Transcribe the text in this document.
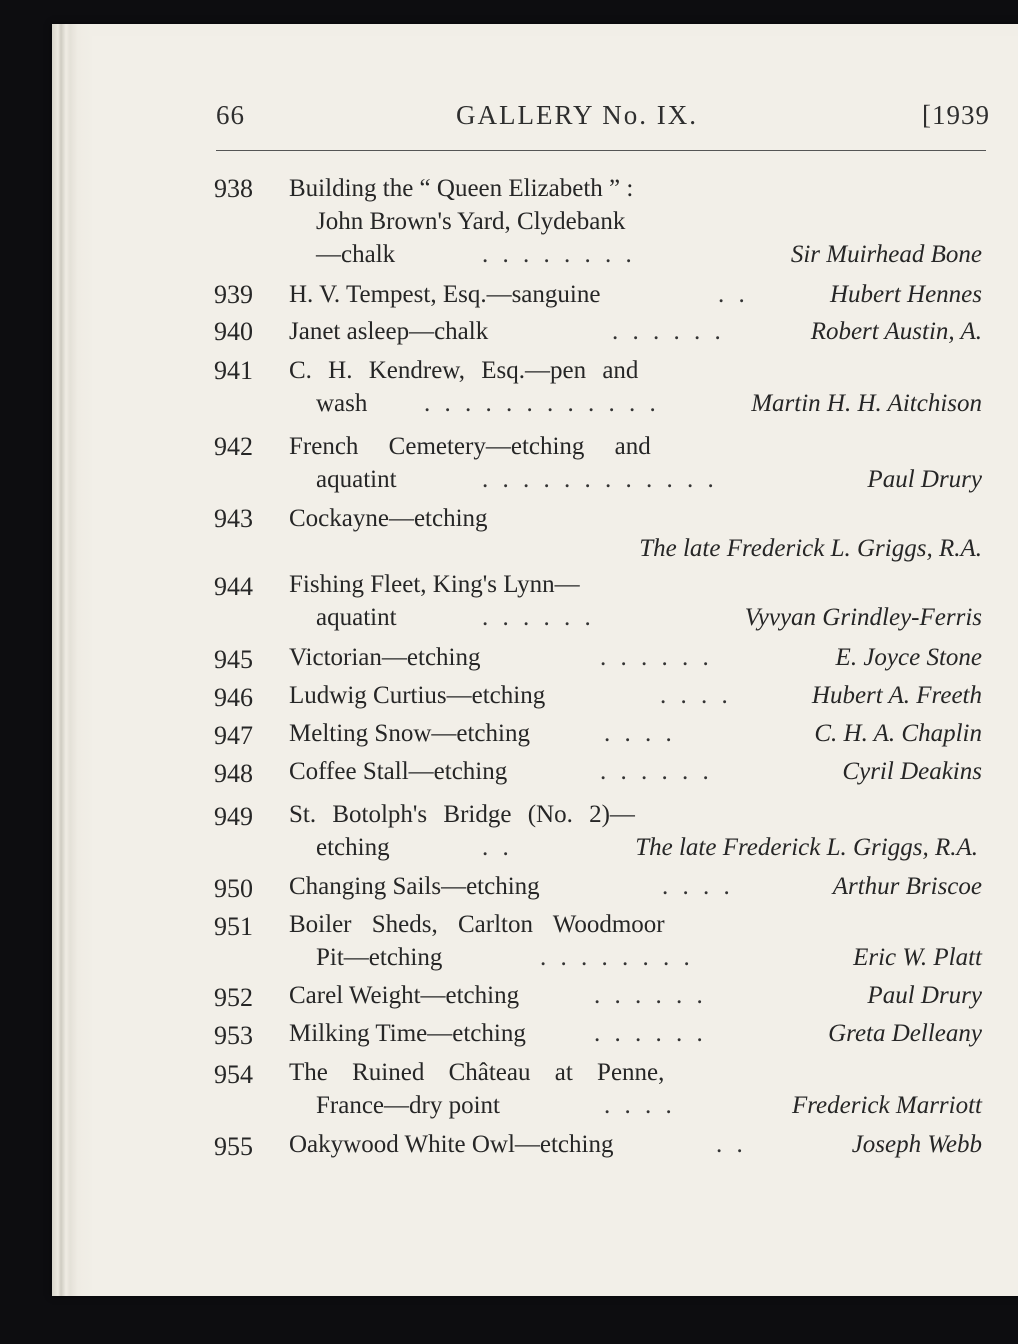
66	GALLERY No. IX.	[1939
938 Building the “ Queen Elizabeth ” :
John Brown's Yard, Clydebank
—chalk	. . . . . . . .	Sir Muirhead Bone
939 H. V. Tempest, Esq.—sanguine	. .	Hubert Hennes
940 Janet asleep—chalk	. . . . . .	Robert Austin, A.
941 C. H. Kendrew, Esq.—pen and
wash . . . . . . . . . . . .	Martin H. H. Aitchison
942 French Cemetery—etching and
aquatint	. . . . . . . . . . . .	Paul Drury
943 Cockayne—etching
The late Frederick L. Griggs, R.A.
944 Fishing Fleet, King's Lynn—
aquatint	. . . . . .	Vyvyan Grindley-Ferris
945 Victorian—etching	. . . . . .	E. Joyce Stone
946 Ludwig Curtius—etching	. . . .	Hubert A. Freeth
947 Melting Snow—etching	. . . .	C. H. A. Chaplin
948 Coffee Stall—etching	. . . . . .	Cyril Deakins
949 St. Botolph's Bridge (No. 2)—
etching	. .	The late Frederick L. Griggs, R.A.
950 Changing Sails—etching	. . . .	Arthur Briscoe
951 Boiler Sheds, Carlton Woodmoor
Pit—etching	. . . . . . . .	Eric W. Platt
952 Carel Weight—etching	. . . . . .	Paul Drury
953 Milking Time—etching	. . . . . .	Greta Delleany
954 The Ruined Château at Penne,
France—dry point	. . . .	Frederick Marriott
955 Oakywood White Owl—etching	. .	Joseph Webb
